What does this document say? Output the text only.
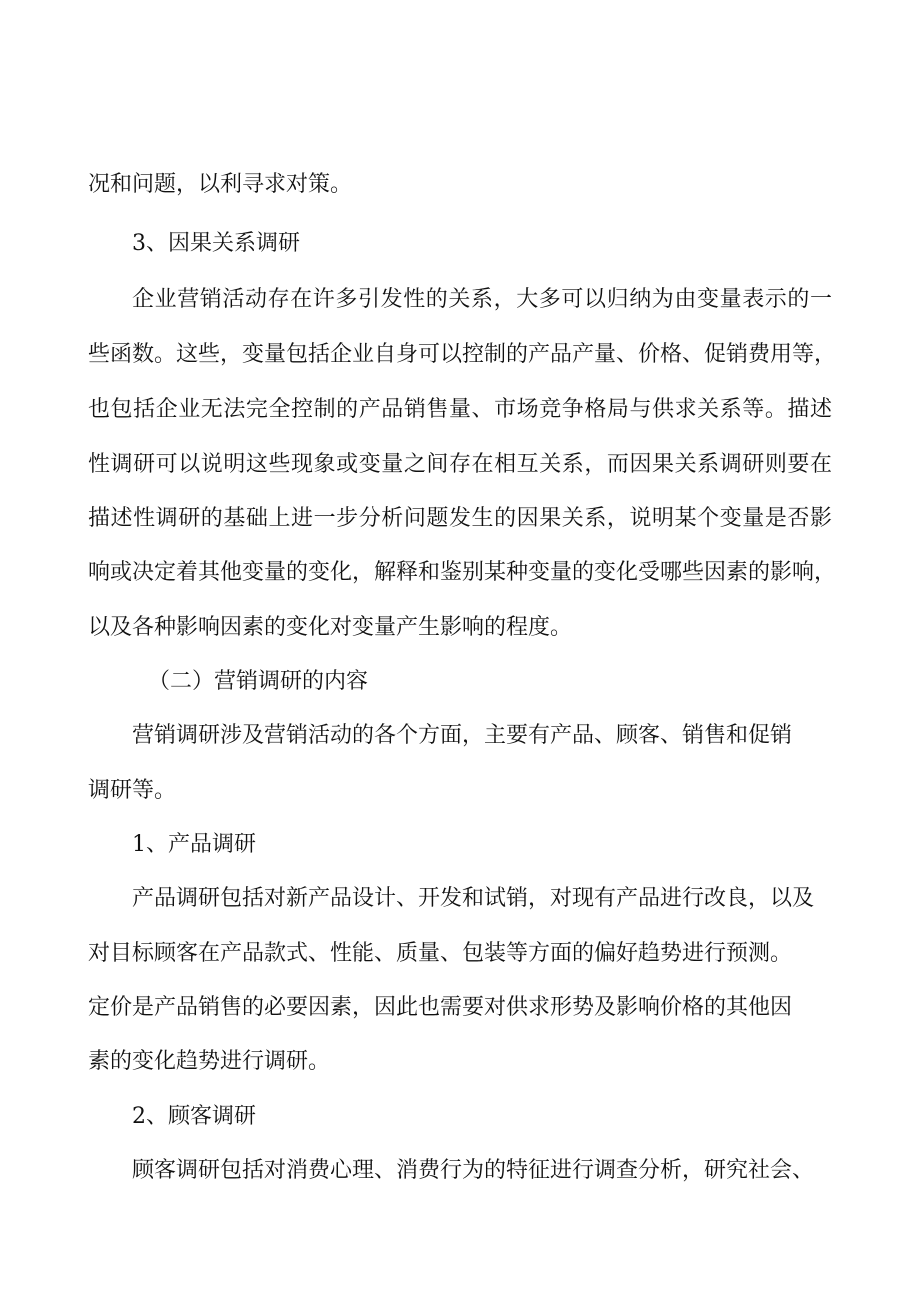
况和问题，以利寻求对策。
3、因果关系调研
企业营销活动存在许多引发性的关系，大多可以归纳为由变量表示的一
些函数。这些，变量包括企业自身可以控制的产品产量、价格、促销费用等，
也包括企业无法完全控制的产品销售量、市场竞争格局与供求关系等。描述
性调研可以说明这些现象或变量之间存在相互关系，而因果关系调研则要在
描述性调研的基础上进一步分析问题发生的因果关系，说明某个变量是否影
响或决定着其他变量的变化，解释和鉴别某种变量的变化受哪些因素的影响，
以及各种影响因素的变化对变量产生影响的程度。
（二）营销调研的内容
营销调研涉及营销活动的各个方面，主要有产品、顾客、销售和促销
调研等。
1、产品调研
产品调研包括对新产品设计、开发和试销，对现有产品进行改良，以及
对目标顾客在产品款式、性能、质量、包装等方面的偏好趋势进行预测。
定价是产品销售的必要因素，因此也需要对供求形势及影响价格的其他因
素的变化趋势进行调研。
2、顾客调研
顾客调研包括对消费心理、消费行为的特征进行调查分析，研究社会、
